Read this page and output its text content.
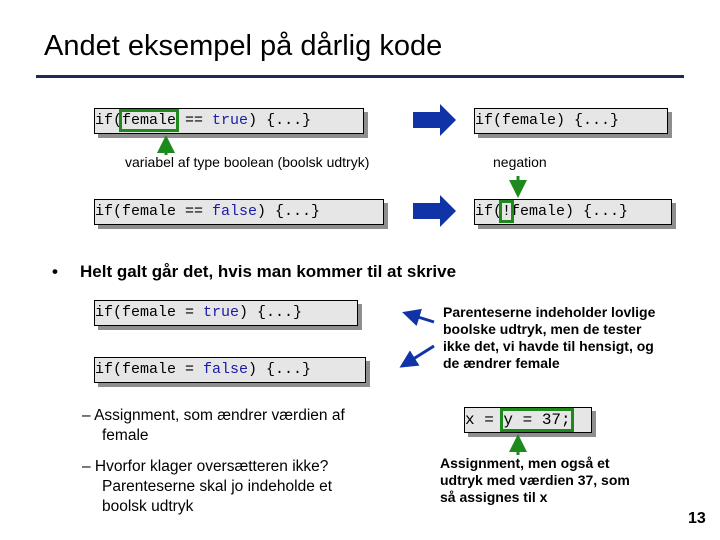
Andet eksempel på dårlig kode
if(female == true) {...}	if(female) {...}
variabel af type boolean (boolsk udtryk)	negation
if(female == false) {...}	if(!female) {...}
• Helt galt går det, hvis man kommer til at skrive
if(female = true) {...}
if(female = false) {...}
Parenteserne indeholder lovlige
boolske udtryk, men de tester
ikke det, vi havde til hensigt, og
de ændrer female
– Assignment, som ændrer værdien af
female
– Hvorfor klager oversætteren ikke?
Parenteserne skal jo indeholde et
boolsk udtryk
x = y = 37;
Assignment, men også et
udtryk med værdien 37, som
så assignes til x
13
